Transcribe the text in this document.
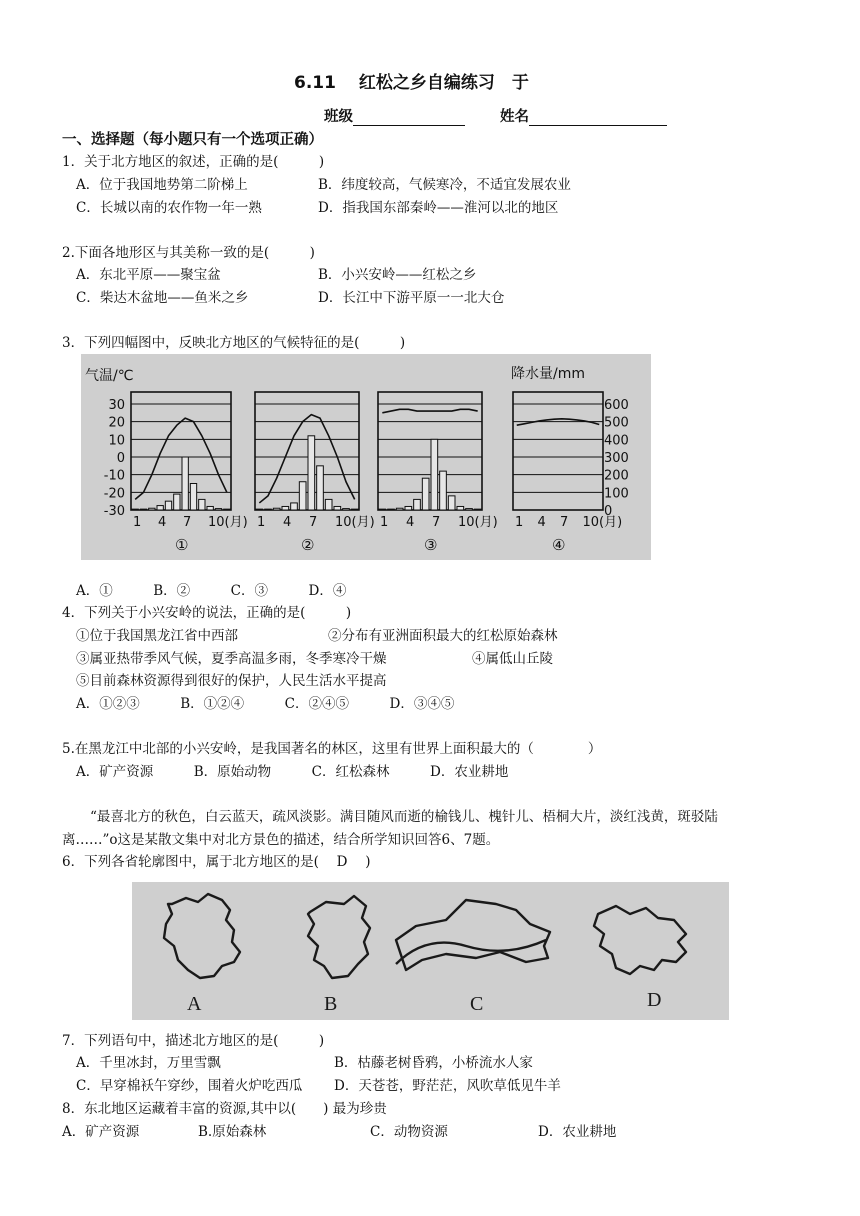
6.11　 红松之乡自编练习　于
班级	姓名
一、选择题（每小题只有一个选项正确）
1．关于北方地区的叙述，正确的是(　　　)
A．位于我国地势第二阶梯上	B．纬度较高，气候寒冷，不适宜发展农业
C．长城以南的农作物一年一熟	D．指我国东部秦岭——淮河以北的地区
2.下面各地形区与其美称一致的是(　　　)
A．东北平原——聚宝盆	B．小兴安岭——红松之乡
C．柴达木盆地——鱼米之乡	D．长江中下游平原一一北大仓
3．下列四幅图中，反映北方地区的气候特征的是(　　　)
气温/℃	降水量/mm
30
20
10
0
-10
-20
-30
600
500
400
300
200
100
0
1 4 7 10(月)
①
1 4 7 10(月)
②
1 4 7 10(月)
③
1 4 7 10(月)
④
A．①　　　B．②　　　C．③　　　D．④
4．下列关于小兴安岭的说法，正确的是(　　　)
①位于我国黑龙江省中西部	②分布有亚洲面积最大的红松原始森林
③属亚热带季风气候，夏季高温多雨，冬季寒冷干燥	④属低山丘陵
⑤目前森林资源得到很好的保护，人民生活水平提高
A．①②③　　　B．①②④　　　C．②④⑤　　　D．③④⑤
5.在黑龙江中北部的小兴安岭，是我国著名的林区，这里有世界上面积最大的（　　　　）
A．矿产资源　　　B．原始动物　　　C．红松森林　　　D．农业耕地
“最喜北方的秋色，白云蓝天，疏风淡影。满目随风而逝的榆钱儿、槐针儿、梧桐大片，淡红浅黄，斑驳陆
离……”o这是某散文集中对北方景色的描述，结合所学知识回答6、7题。
6．下列各省轮廓图中，属于北方地区的是(　 D　 )
A	B	C	D
7．下列语句中，描述北方地区的是(　　　)
A．千里冰封，万里雪飘	B．枯藤老树昏鸦，小桥流水人家
C．早穿棉袄午穿纱，围着火炉吃西瓜 D．天苍苍，野茫茫，风吹草低见牛羊
8．东北地区运藏着丰富的资源,其中以(　　) 最为珍贵
A．矿产资源	B.原始森林	C．动物资源	D．农业耕地
